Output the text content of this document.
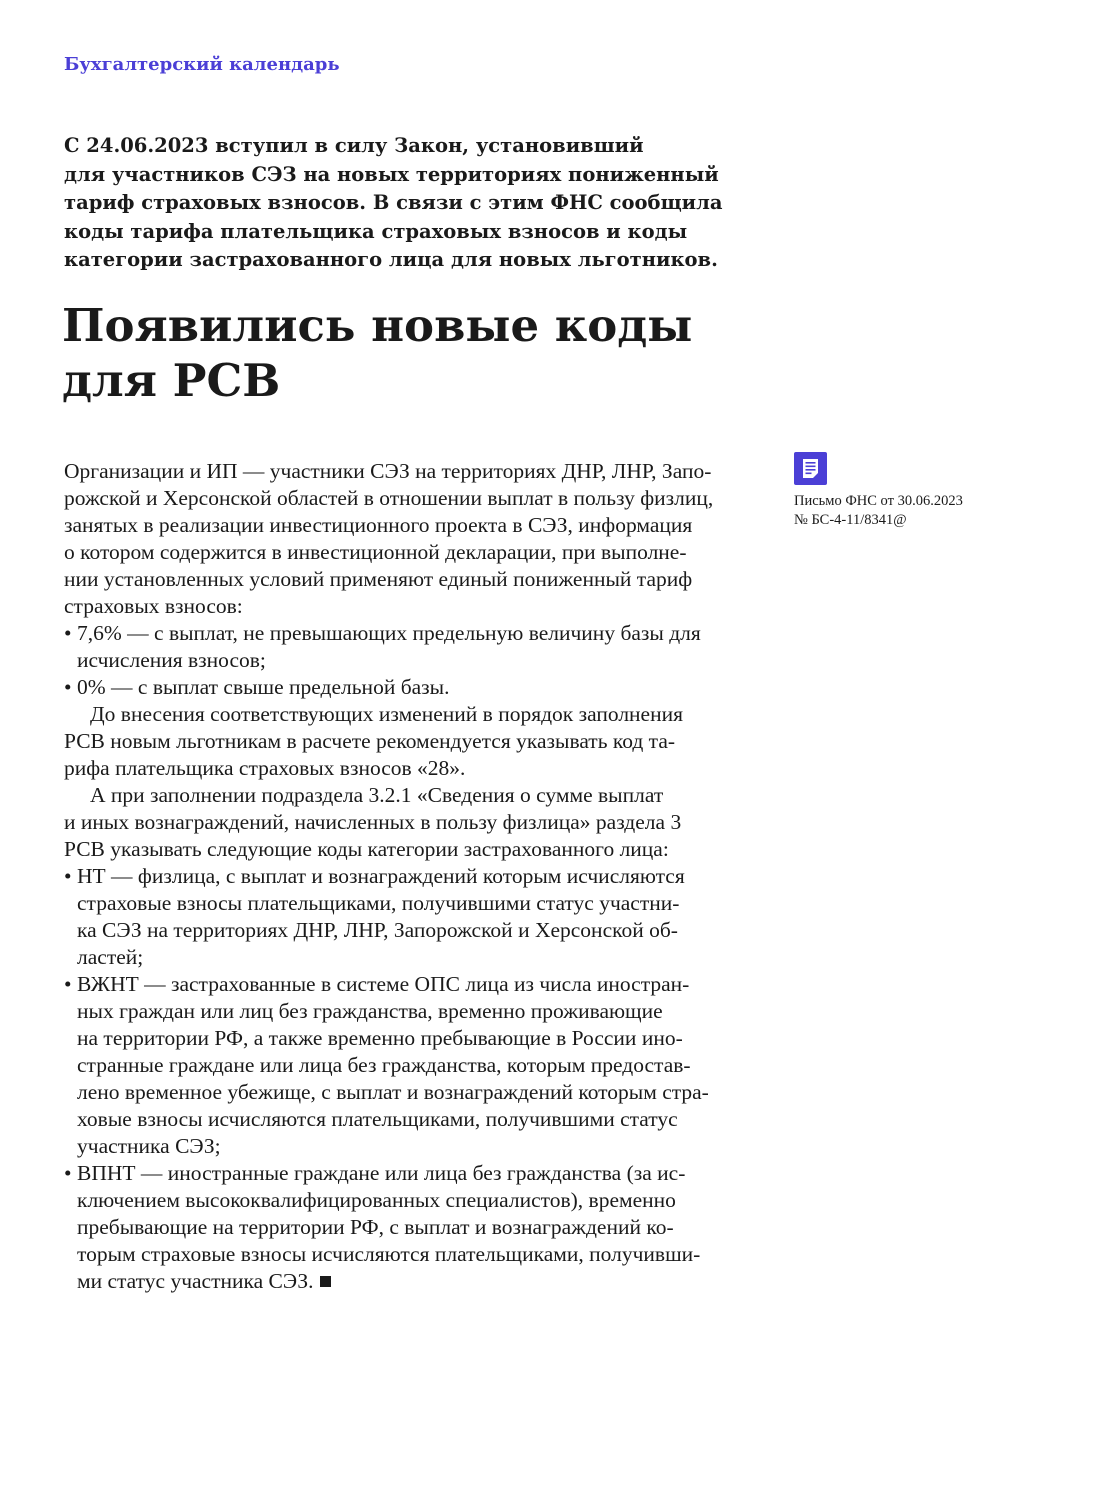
Бухгалтерский календарь
С 24.06.2023 вступил в силу Закон, установивший
для участников СЭЗ на новых территориях пониженный
тариф страховых взносов. В связи с этим ФНС сообщила
коды тарифа плательщика страховых взносов и коды
категории застрахованного лица для новых льготников.
Появились новые коды
для РСВ
Организации и ИП — участники СЭЗ на территориях ДНР, ЛНР, Запо-
рожской и Херсонской областей в отношении выплат в пользу физлиц,
занятых в реализации инвестиционного проекта в СЭЗ, информация
о котором содержится в инвестиционной декларации, при выполне-
нии установленных условий применяют единый пониженный тариф
страховых взносов:
• 7,6% — с выплат, не превышающих предельную величину базы для
исчисления взносов;
• 0% — с выплат свыше предельной базы.
До внесения соответствующих изменений в порядок заполнения
РСВ новым льготникам в расчете рекомендуется указывать код та-
рифа плательщика страховых взносов «28».
А при заполнении подраздела 3.2.1 «Сведения о сумме выплат
и иных вознаграждений, начисленных в пользу физлица» раздела 3
РСВ указывать следующие коды категории застрахованного лица:
• НТ — физлица, с выплат и вознаграждений которым исчисляются
страховые взносы плательщиками, получившими статус участни-
ка СЭЗ на территориях ДНР, ЛНР, Запорожской и Херсонской об-
ластей;
• ВЖНТ — застрахованные в системе ОПС лица из числа иностран-
ных граждан или лиц без гражданства, временно проживающие
на территории РФ, а также временно пребывающие в России ино-
странные граждане или лица без гражданства, которым предостав-
лено временное убежище, с выплат и вознаграждений которым стра-
ховые взносы исчисляются плательщиками, получившими статус
участника СЭЗ;
• ВПНТ — иностранные граждане или лица без гражданства (за ис-
ключением высококвалифицированных специалистов), временно
пребывающие на территории РФ, с выплат и вознаграждений ко-
торым страховые взносы исчисляются плательщиками, получивши-
ми статус участника СЭЗ.
Письмо ФНС от 30.06.2023
№ БС-4-11/8341@
